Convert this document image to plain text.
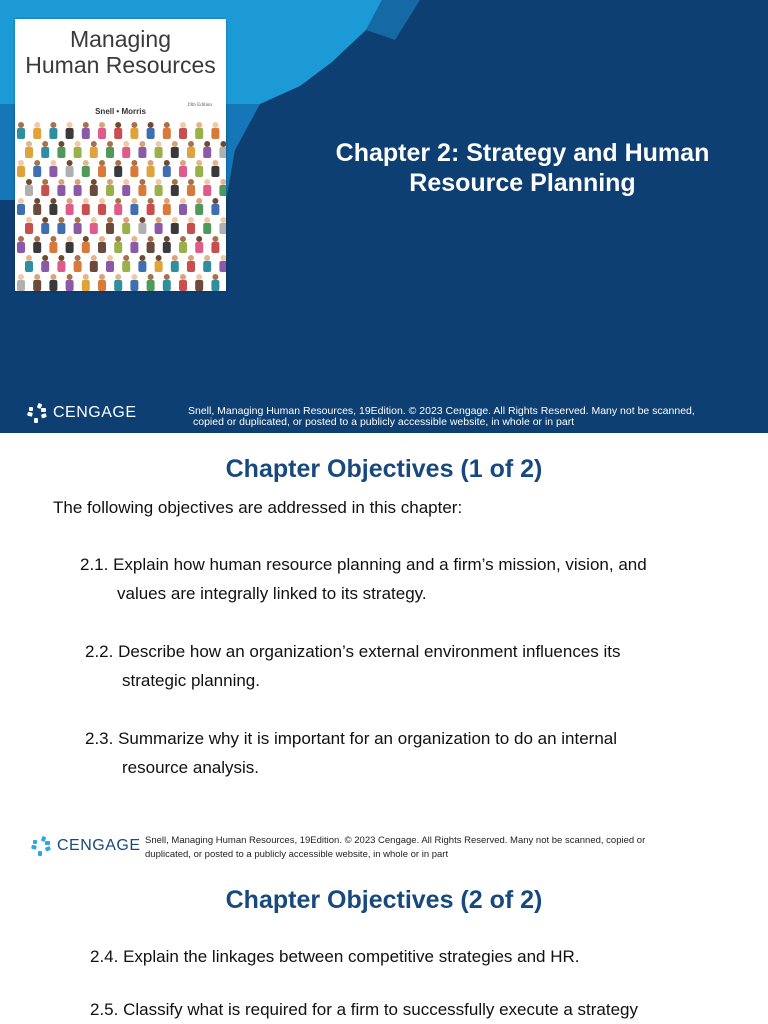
Managing
Human Resources
19th Edition
Snell • Morris
Chapter 2: Strategy and Human
Resource Planning
CENGAGE	Snell, Managing Human Resources, 19Edition. © 2023 Cengage. All Rights Reserved. Many not be scanned,
copied or duplicated, or posted to a publicly accessible website, in whole or in part
Chapter Objectives (1 of 2)
The following objectives are addressed in this chapter:
2.1. Explain how human resource planning and a firm’s mission, vision, and
values are integrally linked to its strategy.
2.2. Describe how an organization’s external environment influences its
strategic planning.
2.3. Summarize why it is important for an organization to do an internal
resource analysis.
CENGAGE Snell, Managing Human Resources, 19Edition. © 2023 Cengage. All Rights Reserved. Many not be scanned, copied or
duplicated, or posted to a publicly accessible website, in whole or in part
Chapter Objectives (2 of 2)
2.4. Explain the linkages between competitive strategies and HR.
2.5. Classify what is required for a firm to successfully execute a strategy
